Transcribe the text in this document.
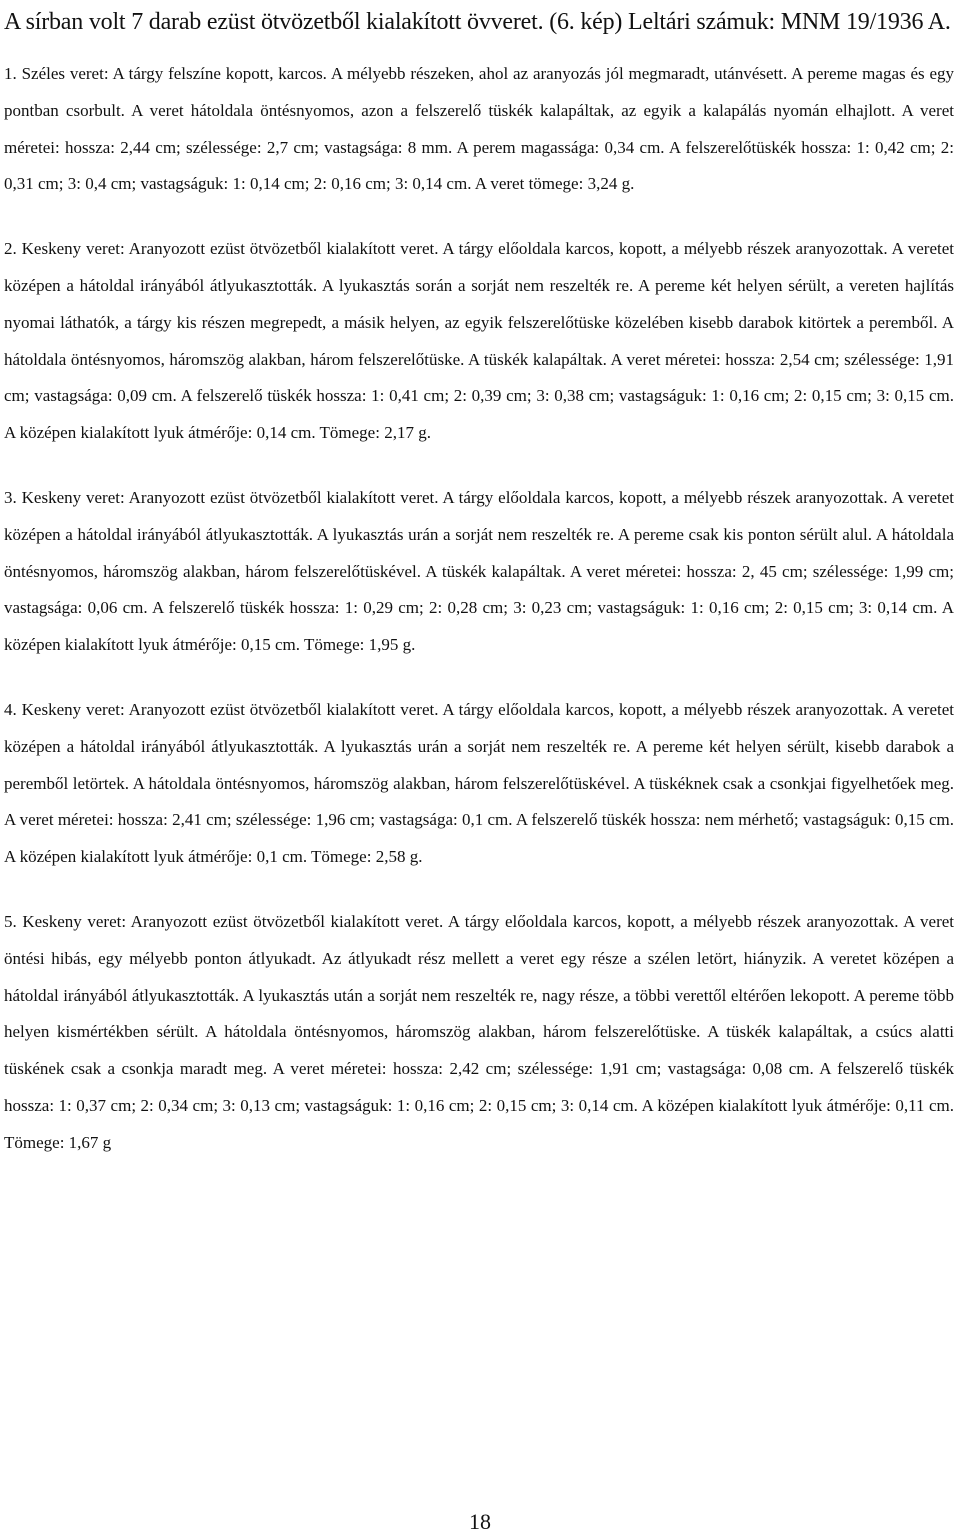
A sírban volt 7 darab ezüst ötvözetből kialakított övveret. (6. kép) Leltári számuk: MNM 19/1936 A.

1. Széles veret: A tárgy felszíne kopott, karcos. A mélyebb részeken, ahol az aranyozás jól megmaradt, utánvésett. A pereme magas és egy pontban csorbult. A veret hátoldala öntésnyomos, azon a felszerelő tüskék kalapáltak, az egyik a kalapálás nyomán elhajlott. A veret méretei: hossza: 2,44 cm; szélessége: 2,7 cm; vastagsága: 8 mm. A perem magassága: 0,34 cm. A felszerelőtüskék hossza: 1: 0,42 cm; 2: 0,31 cm; 3: 0,4 cm; vastagságuk: 1: 0,14 cm; 2: 0,16 cm; 3: 0,14 cm. A veret tömege: 3,24 g.

2. Keskeny veret: Aranyozott ezüst ötvözetből kialakított veret. A tárgy előoldala karcos, kopott, a mélyebb részek aranyozottak. A veretet középen a hátoldal irányából átlyukasztották. A lyukasztás során a sorját nem reszelték re. A pereme két helyen sérült, a vereten hajlítás nyomai láthatók, a tárgy kis részen megrepedt, a másik helyen, az egyik felszerelőtüske közelében kisebb darabok kitörtek a peremből. A hátoldala öntésnyomos, háromszög alakban, három felszerelőtüske. A tüskék kalapáltak. A veret méretei: hossza: 2,54 cm; szélessége: 1,91 cm; vastagsága: 0,09 cm. A felszerelő tüskék hossza: 1: 0,41 cm; 2: 0,39 cm; 3: 0,38 cm; vastagságuk: 1: 0,16 cm; 2: 0,15 cm; 3: 0,15 cm. A középen kialakított lyuk átmérője: 0,14 cm. Tömege: 2,17 g.

3. Keskeny veret: Aranyozott ezüst ötvözetből kialakított veret. A tárgy előoldala karcos, kopott, a mélyebb részek aranyozottak. A veretet középen a hátoldal irányából átlyukasztották. A lyukasztás urán a sorját nem reszelték re. A pereme csak kis ponton sérült alul. A hátoldala öntésnyomos, háromszög alakban, három felszerelőtüskével. A tüskék kalapáltak. A veret méretei: hossza: 2, 45 cm; szélessége: 1,99 cm; vastagsága: 0,06 cm. A felszerelő tüskék hossza: 1: 0,29 cm; 2: 0,28 cm; 3: 0,23 cm; vastagságuk: 1: 0,16 cm; 2: 0,15 cm; 3: 0,14 cm. A középen kialakított lyuk átmérője: 0,15 cm. Tömege: 1,95 g.

4. Keskeny veret: Aranyozott ezüst ötvözetből kialakított veret. A tárgy előoldala karcos, kopott, a mélyebb részek aranyozottak. A veretet középen a hátoldal irányából átlyukasztották. A lyukasztás urán a sorját nem reszelték re. A pereme két helyen sérült, kisebb darabok a peremből letörtek. A hátoldala öntésnyomos, háromszög alakban, három felszerelőtüskével. A tüskéknek csak a csonkjai figyelhetőek meg. A veret méretei: hossza: 2,41 cm; szélessége: 1,96 cm; vastagsága: 0,1 cm. A felszerelő tüskék hossza: nem mérhető; vastagságuk: 0,15 cm. A középen kialakított lyuk átmérője: 0,1 cm. Tömege: 2,58 g.

5. Keskeny veret: Aranyozott ezüst ötvözetből kialakított veret. A tárgy előoldala karcos, kopott, a mélyebb részek aranyozottak. A veret öntési hibás, egy mélyebb ponton átlyukadt. Az átlyukadt rész mellett a veret egy része a szélen letört, hiányzik. A veretet középen a hátoldal irányából átlyukasztották. A lyukasztás után a sorját nem reszelték re, nagy része, a többi verettől eltérően lekopott. A pereme több helyen kismértékben sérült. A hátoldala öntésnyomos, háromszög alakban, három felszerelőtüske. A tüskék kalapáltak, a csúcs alatti tüskének csak a csonkja maradt meg. A veret méretei: hossza: 2,42 cm; szélessége: 1,91 cm; vastagsága: 0,08 cm. A felszerelő tüskék hossza: 1: 0,37 cm; 2: 0,34 cm; 3: 0,13 cm; vastagságuk: 1: 0,16 cm; 2: 0,15 cm; 3: 0,14 cm. A középen kialakított lyuk átmérője: 0,11 cm. Tömege: 1,67 g

18
